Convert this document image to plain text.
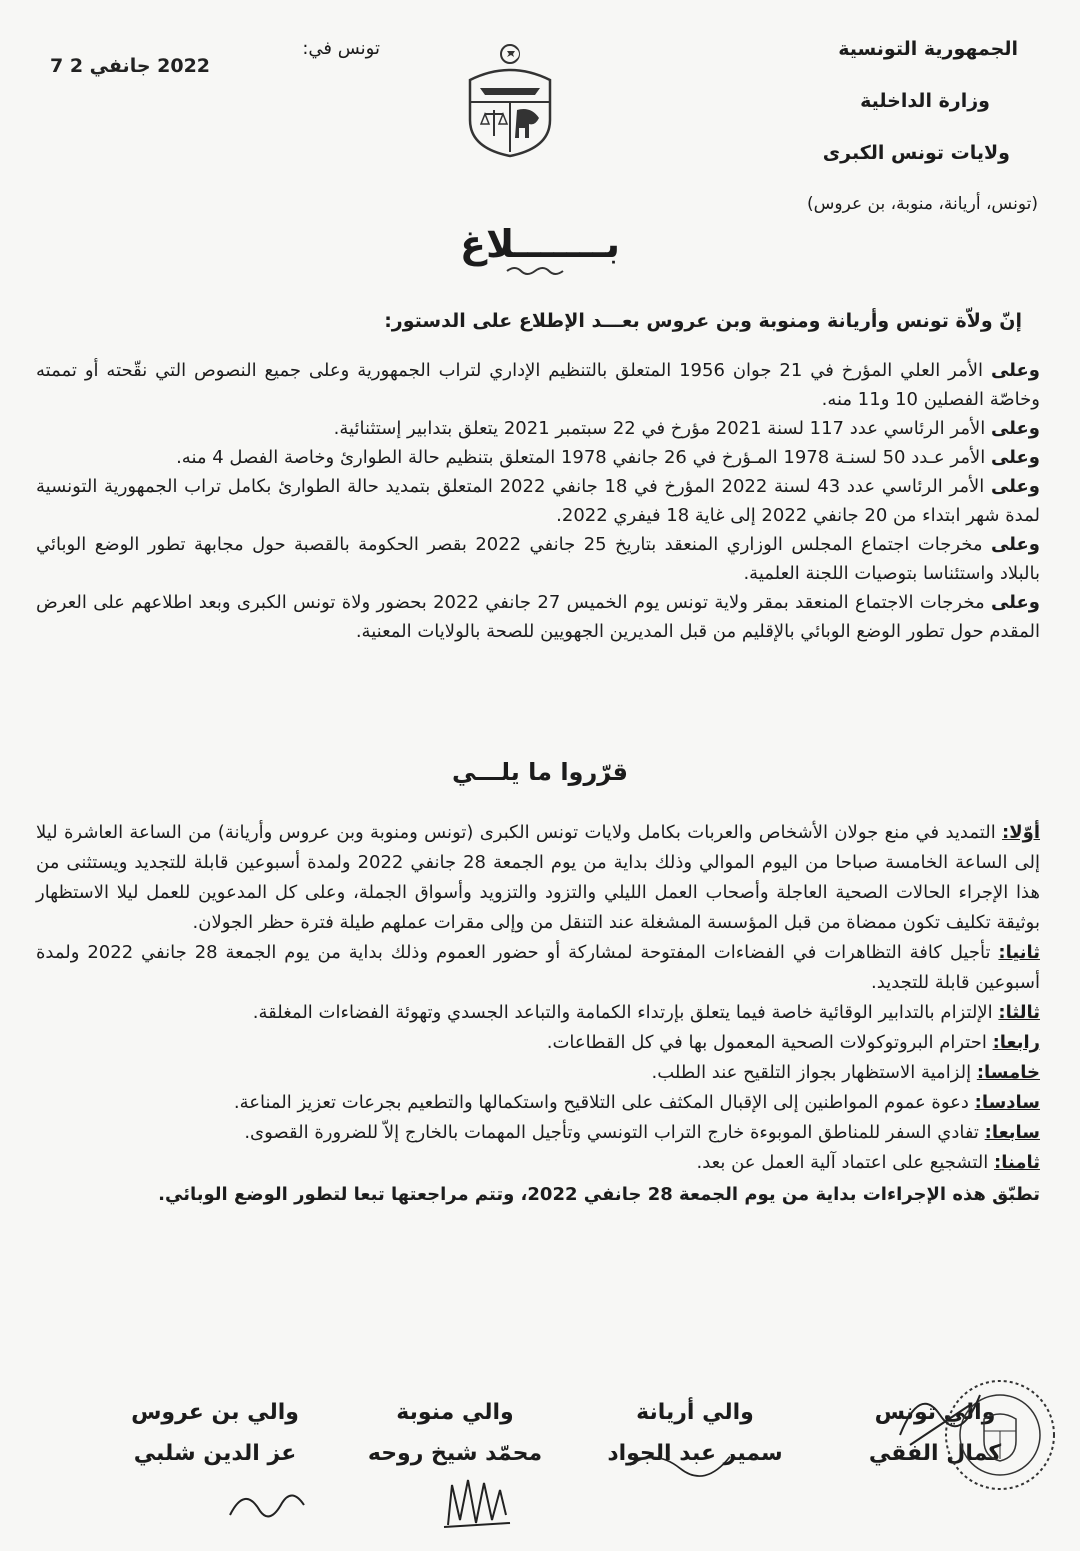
الجمهورية التونسية
وزارة الداخلية
ولايات تونس الكبرى
(تونس، أريانة، منوبة، بن عروس)
تونس في:
2022 جانفي 2 7
بـــــــلاغ
إنّ ولاّة تونس وأريانة ومنوبة وبن عروس بعـــد الإطلاع على الدستور:

وعلى الأمر العلي المؤرخ في 21 جوان 1956 المتعلق بالتنظيم الإداري لتراب الجمهورية وعلى جميع النصوص التي نقّحته أو تممته وخاصّة الفصلين 10 و11 منه.

وعلى الأمر الرئاسي عدد 117 لسنة 2021 مؤرخ في 22 سبتمبر 2021 يتعلق بتدابير إستثنائية.

وعلى الأمر عـدد 50 لسنـة 1978 المـؤرخ في 26 جانفي 1978 المتعلق بتنظيم حالة الطوارئ وخاصة الفصل 4 منه.

وعلى الأمر الرئاسي عدد 43 لسنة 2022 المؤرخ في 18 جانفي 2022 المتعلق بتمديد حالة الطوارئ بكامل تراب الجمهورية التونسية لمدة شهر ابتداء من 20 جانفي 2022 إلى غاية 18 فيفري 2022.

وعلى مخرجات اجتماع المجلس الوزاري المنعقد بتاريخ 25 جانفي 2022 بقصر الحكومة بالقصبة حول مجابهة تطور الوضع الوبائي بالبلاد واستئناسا بتوصيات اللجنة العلمية.

وعلى مخرجات الاجتماع المنعقد بمقر ولاية تونس يوم الخميس 27 جانفي 2022 بحضور ولاة تونس الكبرى وبعد اطلاعهم على العرض المقدم حول تطور الوضع الوبائي بالإقليم من قبل المديرين الجهويين للصحة بالولايات المعنية.

قرّروا ما يلـــي
أوّلا: التمديد في منع جولان الأشخاص والعربات بكامل ولايات تونس الكبرى (تونس ومنوبة وبن عروس وأريانة) من الساعة العاشرة ليلا إلى الساعة الخامسة صباحا من اليوم الموالي وذلك بداية من يوم الجمعة 28 جانفي 2022 ولمدة أسبوعين قابلة للتجديد ويستثنى من هذا الإجراء الحالات الصحية العاجلة وأصحاب العمل الليلي والتزود والتزويد وأسواق الجملة، وعلى كل المدعوين للعمل ليلا الاستظهار بوثيقة تكليف تكون ممضاة من قبل المؤسسة المشغلة عند التنقل من وإلى مقرات عملهم طيلة فترة حظر الجولان.
ثانيا: تأجيل كافة التظاهرات في الفضاءات المفتوحة لمشاركة أو حضور العموم وذلك بداية من يوم الجمعة 28 جانفي 2022 ولمدة أسبوعين قابلة للتجديد.
ثالثا: الإلتزام بالتدابير الوقائية خاصة فيما يتعلق بإرتداء الكمامة والتباعد الجسدي وتهوئة الفضاءات المغلقة.
رابعا: احترام البروتوكولات الصحية المعمول بها في كل القطاعات.
خامسا: إلزامية الاستظهار بجواز التلقيح عند الطلب.
سادسا: دعوة عموم المواطنين إلى الإقبال المكثف على التلاقيح واستكمالها والتطعيم بجرعات تعزيز المناعة.
سابعا: تفادي السفر للمناطق الموبوءة خارج التراب التونسي وتأجيل المهمات بالخارج إلاّ للضرورة القصوى.
ثامنا: التشجيع على اعتماد آلية العمل عن بعد.
تطبّق هذه الإجراءات بداية من يوم الجمعة 28 جانفي 2022، وتتم مراجعتها تبعا لتطور الوضع الوبائي.
والي تونس
كمال الفقي
والي أريانة
سمير عبد الجواد
والي منوبة
محمّد شيخ روحه
والي بن عروس
عز الدين شلبي
